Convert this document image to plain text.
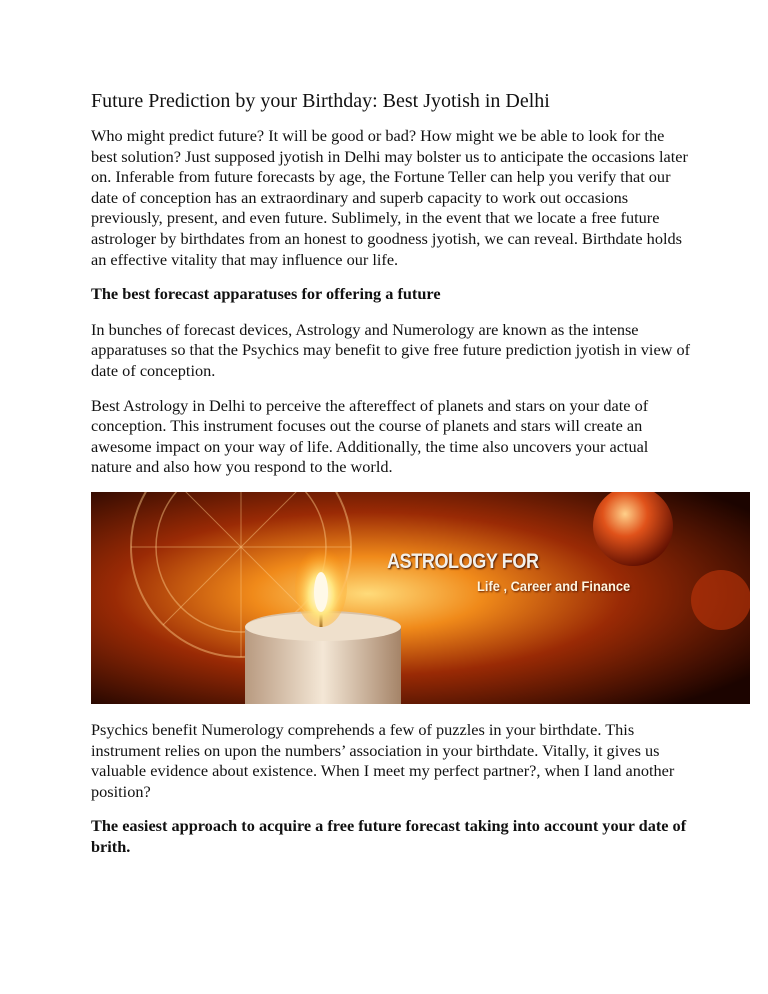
Future Prediction by your Birthday: Best Jyotish in Delhi

Who might predict future? It will be good or bad? How might we be able to look for the best solution? Just supposed jyotish in Delhi may bolster us to anticipate the occasions later on. Inferable from future forecasts by age, the Fortune Teller can help you verify that our date of conception has an extraordinary and superb capacity to work out occasions previously, present, and even future. Sublimely, in the event that we locate a free future astrologer by birthdates from an honest to goodness jyotish, we can reveal. Birthdate holds an effective vitality that may influence our life.

The best forecast apparatuses for offering a future

In bunches of forecast devices, Astrology and Numerology are known as the intense apparatuses so that the Psychics may benefit to give free future prediction jyotish in view of date of conception.

Best Astrology in Delhi to perceive the aftereffect of planets and stars on your date of conception. This instrument focuses out the course of planets and stars will create an awesome impact on your way of life. Additionally, the time also uncovers your actual nature and also how you respond to the world.

ASTROLOGY FOR
Life , Career and Finance

Psychics benefit Numerology comprehends a few of puzzles in your birthdate. This instrument relies on upon the numbers’ association in your birthdate. Vitally, it gives us valuable evidence about existence. When I meet my perfect partner?, when I land another position?

The easiest approach to acquire a free future forecast taking into account your date of brith.
